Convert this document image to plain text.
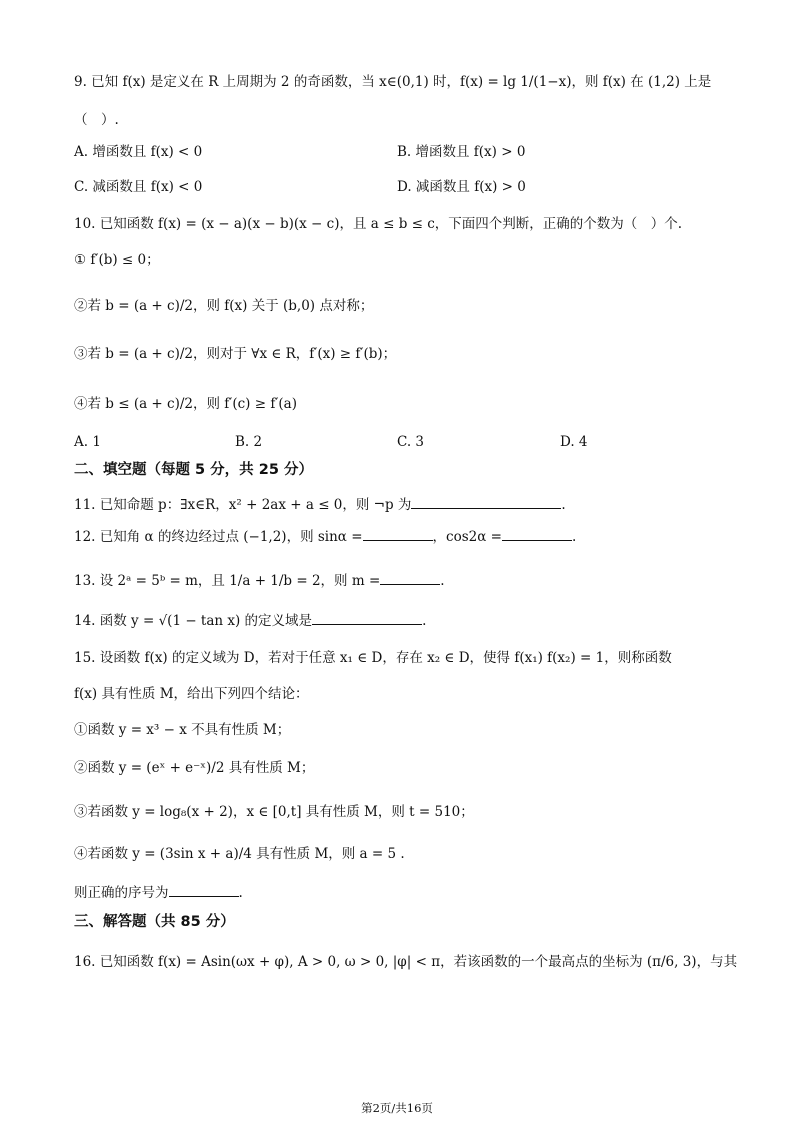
9. 已知 f(x) 是定义在 R 上周期为 2 的奇函数，当 x∈(0,1) 时，f(x) = lg 1/(1−x)，则 f(x) 在 (1,2) 上是
（　）.
A. 增函数且 f(x) < 0	B. 增函数且 f(x) > 0
C. 减函数且 f(x) < 0	D. 减函数且 f(x) > 0
10. 已知函数 f(x) = (x − a)(x − b)(x − c)，且 a ≤ b ≤ c，下面四个判断，正确的个数为（　）个.
① f′(b) ≤ 0；
②若 b = (a + c)/2，则 f(x) 关于 (b,0) 点对称；
③若 b = (a + c)/2，则对于 ∀x ∈ R，f′(x) ≥ f′(b)；
④若 b ≤ (a + c)/2，则 f′(c) ≥ f′(a)
A. 1	B. 2	C. 3	D. 4
二、填空题（每题 5 分，共 25 分）
11. 已知命题 p：∃x∈R，x² + 2ax + a ≤ 0，则 ¬p 为	.
12. 已知角 α 的终边经过点 (−1,2)，则 sinα =	，cos2α =	.
13. 设 2ᵃ = 5ᵇ = m，且 1/a + 1/b = 2，则 m =	.
14. 函数 y = √(1 − tan x) 的定义域是	.
15. 设函数 f(x) 的定义域为 D，若对于任意 x₁ ∈ D，存在 x₂ ∈ D，使得 f(x₁) f(x₂) = 1，则称函数
f(x) 具有性质 M，给出下列四个结论：
①函数 y = x³ − x 不具有性质 M；
②函数 y = (eˣ + e⁻ˣ)/2 具有性质 M；
③若函数 y = log₈(x + 2)，x ∈ [0,t] 具有性质 M，则 t = 510；
④若函数 y = (3sin x + a)/4 具有性质 M，则 a = 5 .
则正确的序号为	.
三、解答题（共 85 分）
16. 已知函数 f(x) = Asin(ωx + φ), A > 0, ω > 0, |φ| < π，若该函数的一个最高点的坐标为 (π/6, 3)，与其
第2页/共16页
